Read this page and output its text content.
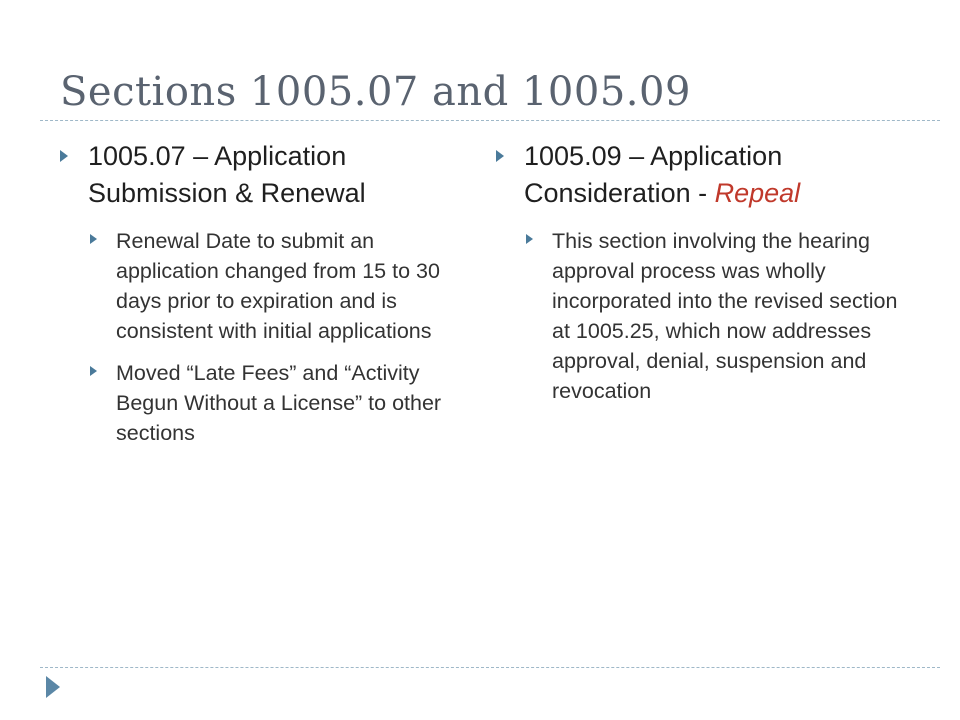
Sections 1005.07 and 1005.09
1005.07 – Application Submission & Renewal
Renewal Date to submit an application changed from 15 to 30 days prior to expiration and is consistent with initial applications
Moved “Late Fees” and “Activity Begun Without a License” to other sections
1005.09 – Application Consideration - Repeal
This section involving the hearing approval process was wholly incorporated into the revised section at 1005.25, which now addresses approval, denial, suspension and revocation
